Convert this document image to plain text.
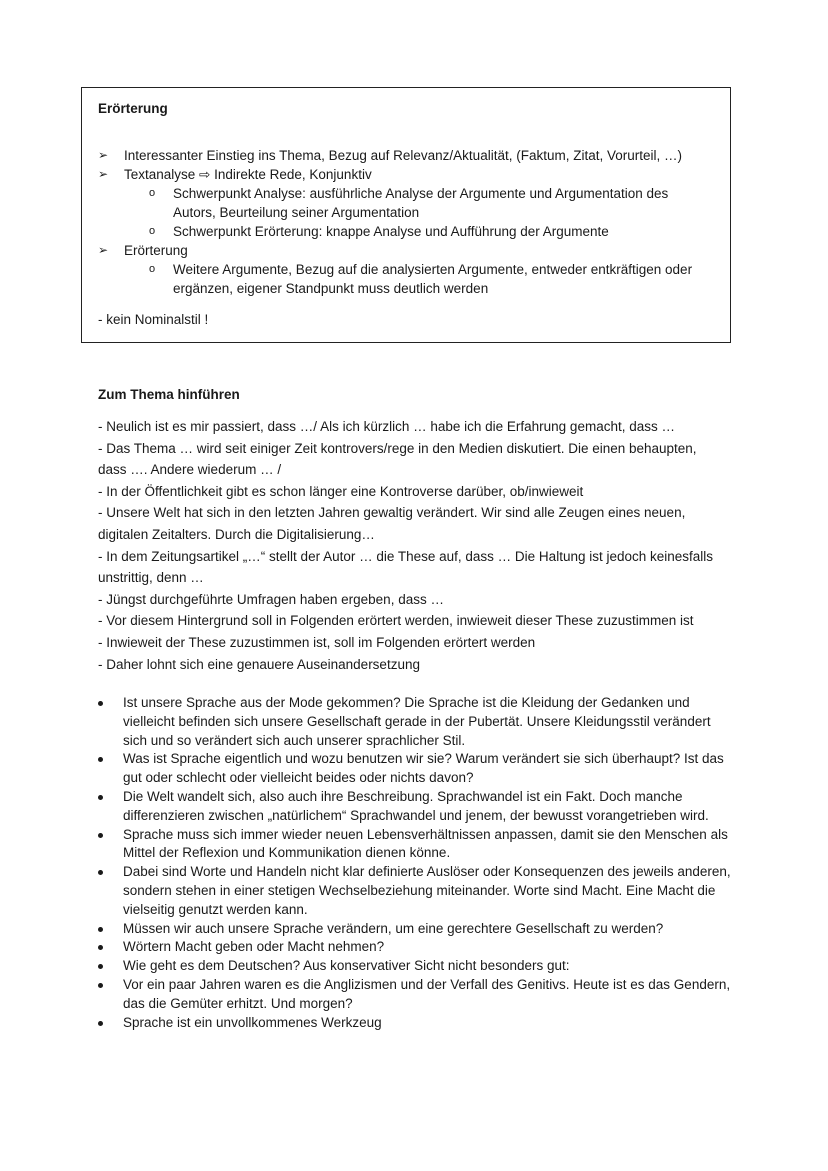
Erörterung
➢ Interessanter Einstieg ins Thema, Bezug auf Relevanz/Aktualität, (Faktum, Zitat, Vorurteil, …)
➢ Textanalyse ⇨ Indirekte Rede, Konjunktiv
o Schwerpunkt Analyse: ausführliche Analyse der Argumente und Argumentation des Autors, Beurteilung seiner Argumentation
o Schwerpunkt Erörterung: knappe Analyse und Aufführung der Argumente
➢ Erörterung
o Weitere Argumente, Bezug auf die analysierten Argumente, entweder entkräftigen oder ergänzen, eigener Standpunkt muss deutlich werden
- kein Nominalstil !
Zum Thema hinführen
- Neulich ist es mir passiert, dass …/ Als ich kürzlich … habe ich die Erfahrung gemacht, dass …
- Das Thema … wird seit einiger Zeit kontrovers/rege in den Medien diskutiert. Die einen behaupten,
dass …. Andere wiederum … /
- In der Öffentlichkeit gibt es schon länger eine Kontroverse darüber, ob/inwieweit
- Unsere Welt hat sich in den letzten Jahren gewaltig verändert. Wir sind alle Zeugen eines neuen,
digitalen Zeitalters. Durch die Digitalisierung…
- In dem Zeitungsartikel „…“ stellt der Autor … die These auf, dass … Die Haltung ist jedoch keinesfalls
unstrittig, denn …
- Jüngst durchgeführte Umfragen haben ergeben, dass …
- Vor diesem Hintergrund soll in Folgenden erörtert werden, inwieweit dieser These zuzustimmen ist
- Inwieweit der These zuzustimmen ist, soll im Folgenden erörtert werden
- Daher lohnt sich eine genauere Auseinandersetzung
Ist unsere Sprache aus der Mode gekommen? Die Sprache ist die Kleidung der Gedanken und vielleicht befinden sich unsere Gesellschaft gerade in der Pubertät. Unsere Kleidungsstil verändert sich und so verändert sich auch unserer sprachlicher Stil.
Was ist Sprache eigentlich und wozu benutzen wir sie? Warum verändert sie sich überhaupt? Ist das gut oder schlecht oder vielleicht beides oder nichts davon?
Die Welt wandelt sich, also auch ihre Beschreibung. Sprachwandel ist ein Fakt. Doch manche differenzieren zwischen „natürlichem“ Sprachwandel und jenem, der bewusst vorangetrieben wird.
Sprache muss sich immer wieder neuen Lebensverhältnissen anpassen, damit sie den Menschen als Mittel der Reflexion und Kommunikation dienen könne.
Dabei sind Worte und Handeln nicht klar definierte Auslöser oder Konsequenzen des jeweils anderen, sondern stehen in einer stetigen Wechselbeziehung miteinander. Worte sind Macht. Eine Macht die vielseitig genutzt werden kann.
Müssen wir auch unsere Sprache verändern, um eine gerechtere Gesellschaft zu werden?
Wörtern Macht geben oder Macht nehmen?
Wie geht es dem Deutschen? Aus konservativer Sicht nicht besonders gut:
Vor ein paar Jahren waren es die Anglizismen und der Verfall des Genitivs. Heute ist es das Gendern, das die Gemüter erhitzt. Und morgen?
Sprache ist ein unvollkommenes Werkzeug
